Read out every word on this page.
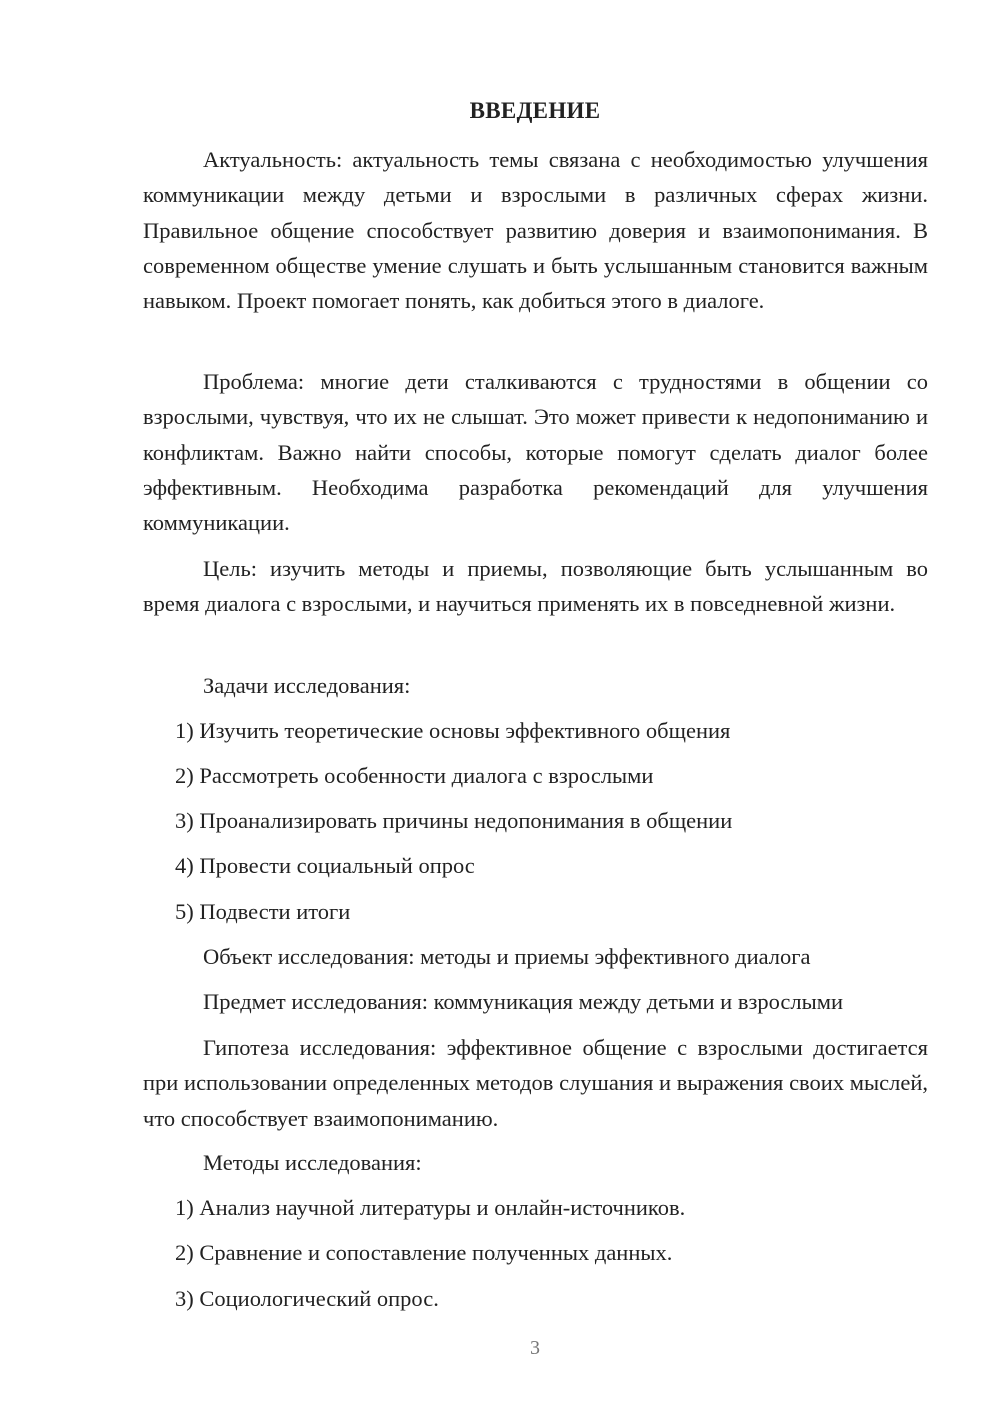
ВВЕДЕНИЕ
Актуальность: актуальность темы связана с необходимостью улучшения коммуникации между детьми и взрослыми в различных сферах жизни. Правильное общение способствует развитию доверия и взаимопонимания. В современном обществе умение слушать и быть услышанным становится важным навыком. Проект помогает понять, как добиться этого в диалоге.
Проблема: многие дети сталкиваются с трудностями в общении со взрослыми, чувствуя, что их не слышат. Это может привести к недопониманию и конфликтам. Важно найти способы, которые помогут сделать диалог более эффективным. Необходима разработка рекомендаций для улучшения коммуникации.
Цель: изучить методы и приемы, позволяющие быть услышанным во время диалога с взрослыми, и научиться применять их в повседневной жизни.
Задачи исследования:
1) Изучить теоретические основы эффективного общения
2) Рассмотреть особенности диалога с взрослыми
3) Проанализировать причины недопонимания в общении
4) Провести социальный опрос
5) Подвести итоги
Объект исследования: методы и приемы эффективного диалога
Предмет исследования: коммуникация между детьми и взрослыми
Гипотеза исследования: эффективное общение с взрослыми достигается при использовании определенных методов слушания и выражения своих мыслей, что способствует взаимопониманию.
Методы исследования:
1) Анализ научной литературы и онлайн-источников.
2) Сравнение и сопоставление полученных данных.
3) Социологический опрос.
3
